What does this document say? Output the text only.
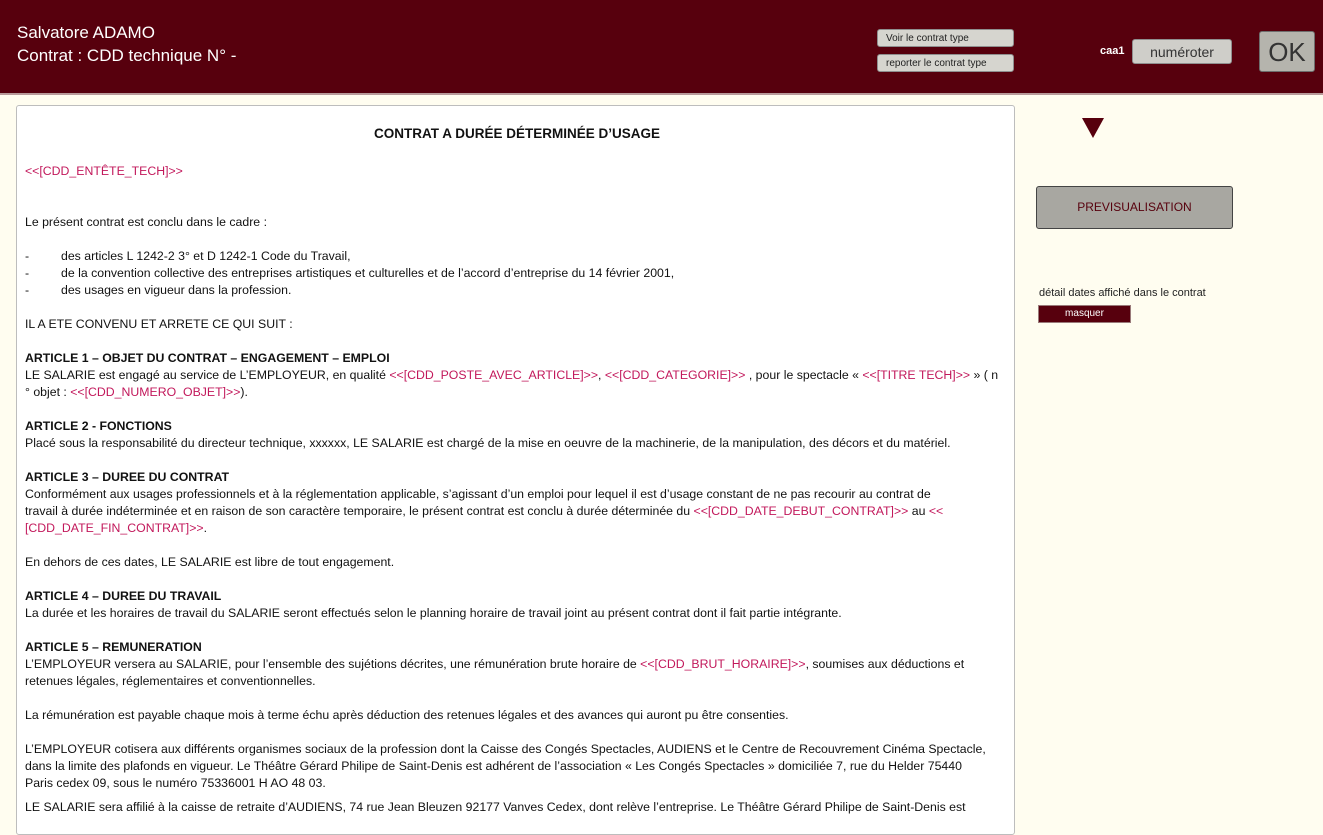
Salvatore ADAMO
Contrat : CDD technique N° -
Voir le contrat type
reporter le contrat type
caa1	numéroter	OK
CONTRAT A DURÉE DÉTERMINÉE D’USAGE
<<[CDD_ENTÊTE_TECH]>>
Le présent contrat est conclu dans le cadre :
-	des articles L 1242-2 3° et D 1242-1 Code du Travail,
-	de la convention collective des entreprises artistiques et culturelles et de l’accord d’entreprise du 14 février 2001,
-	des usages en vigueur dans la profession.
IL A ETE CONVENU ET ARRETE CE QUI SUIT :
ARTICLE 1 – OBJET DU CONTRAT – ENGAGEMENT – EMPLOI
LE SALARIE est engagé au service de L’EMPLOYEUR, en qualité <<[CDD_POSTE_AVEC_ARTICLE]>>, <<[CDD_CATEGORIE]>> , pour le spectacle « <<[TITRE TECH]>> » ( n
° objet : <<[CDD_NUMERO_OBJET]>>).
ARTICLE 2 - FONCTIONS
Placé sous la responsabilité du directeur technique, xxxxxx, LE SALARIE est chargé de la mise en oeuvre de la machinerie, de la manipulation, des décors et du matériel.
ARTICLE 3 – DUREE DU CONTRAT
Conformément aux usages professionnels et à la réglementation applicable, s’agissant d’un emploi pour lequel il est d’usage constant de ne pas recourir au contrat de
travail à durée indéterminée et en raison de son caractère temporaire, le présent contrat est conclu à durée déterminée du <<[CDD_DATE_DEBUT_CONTRAT]>> au <<
[CDD_DATE_FIN_CONTRAT]>>.
En dehors de ces dates, LE SALARIE est libre de tout engagement.
ARTICLE 4 – DUREE DU TRAVAIL
La durée et les horaires de travail du SALARIE seront effectués selon le planning horaire de travail joint au présent contrat dont il fait partie intégrante.
ARTICLE 5 – REMUNERATION
L’EMPLOYEUR versera au SALARIE, pour l’ensemble des sujétions décrites, une rémunération brute horaire de <<[CDD_BRUT_HORAIRE]>>, soumises aux déductions et
retenues légales, réglementaires et conventionnelles.
La rémunération est payable chaque mois à terme échu après déduction des retenues légales et des avances qui auront pu être consenties.
L’EMPLOYEUR cotisera aux différents organismes sociaux de la profession dont la Caisse des Congés Spectacles, AUDIENS et le Centre de Recouvrement Cinéma Spectacle,
dans la limite des plafonds en vigueur. Le Théâtre Gérard Philipe de Saint-Denis est adhérent de l’association « Les Congés Spectacles » domiciliée 7, rue du Helder 75440
Paris cedex 09, sous le numéro 75336001 H AO 48 03.
LE SALARIE sera affilié à la caisse de retraite d’AUDIENS, 74 rue Jean Bleuzen 92177 Vanves Cedex, dont relève l’entreprise. Le Théâtre Gérard Philipe de Saint-Denis est
PREVISUALISATION
détail dates affiché dans le contrat
masquer
